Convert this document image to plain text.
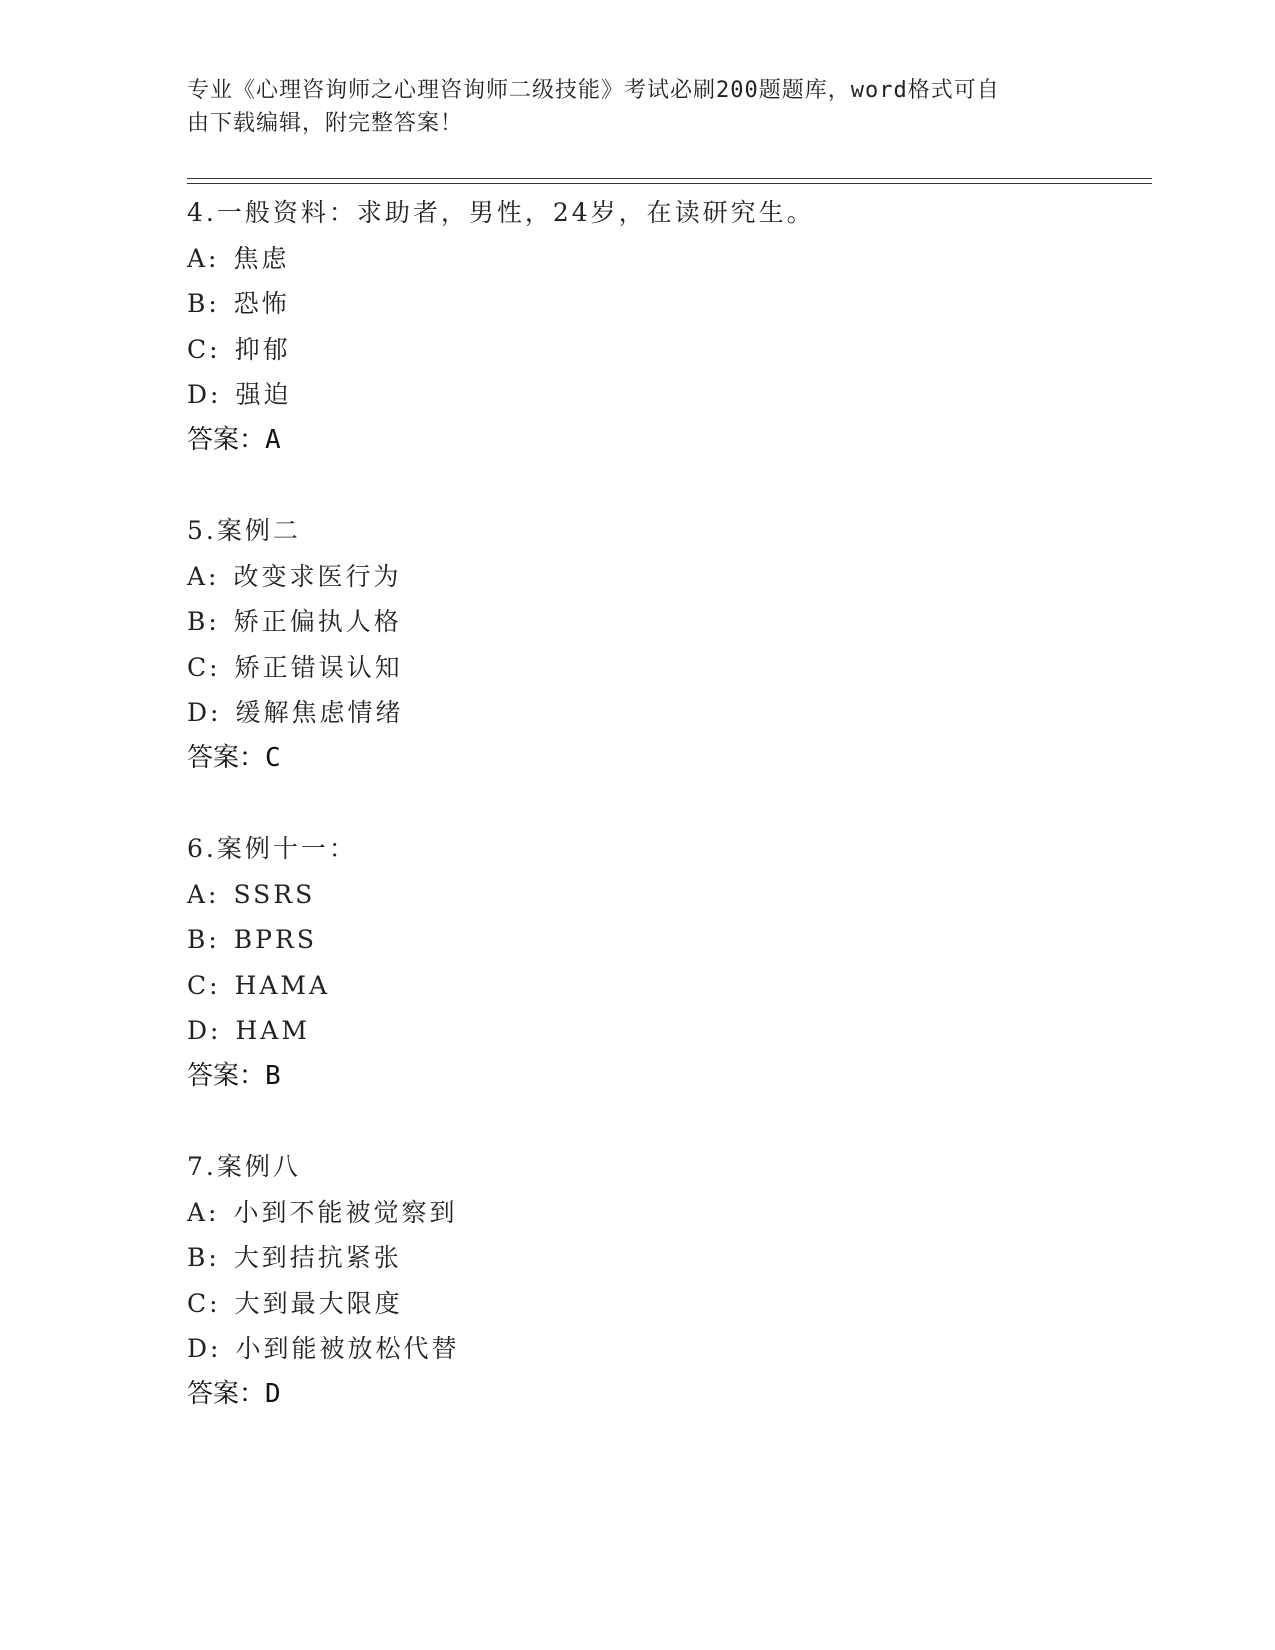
专业《心理咨询师之心理咨询师二级技能》考试必刷200题题库，word格式可自
由下载编辑，附完整答案！
4.一般资料：求助者，男性，24岁，在读研究生。
A: 焦虑
B: 恐怖
C: 抑郁
D: 强迫
答案：A
5.案例二
A: 改变求医行为
B: 矫正偏执人格
C: 矫正错误认知
D: 缓解焦虑情绪
答案：C
6.案例十一：
A: SSRS
B: BPRS
C: HAMA
D: HAM
答案：B
7.案例八
A: 小到不能被觉察到
B: 大到拮抗紧张
C: 大到最大限度
D: 小到能被放松代替
答案：D
